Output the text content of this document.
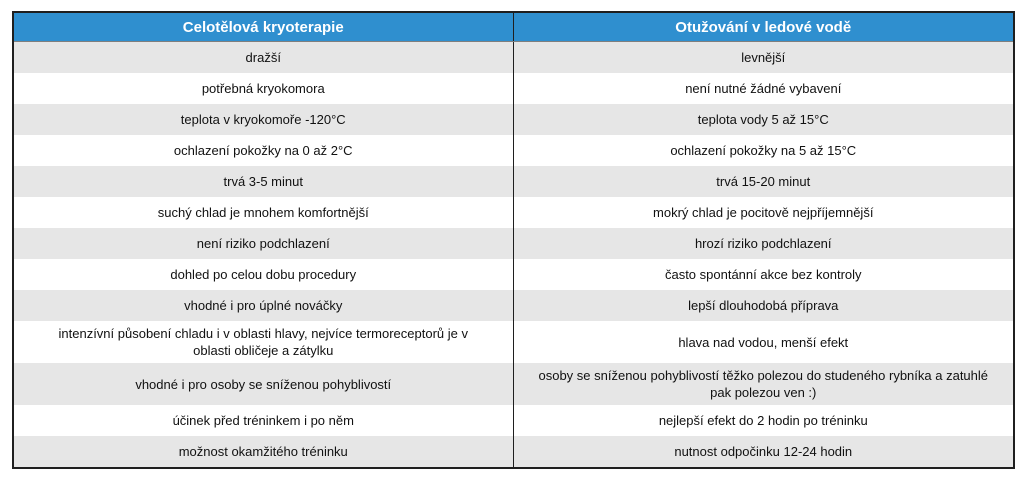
Celotělová kryoterapie	Otužování v ledové vodě
dražší	levnější
potřebná kryokomora	není nutné žádné vybavení
teplota v kryokomoře -120°C	teplota vody 5 až 15°C
ochlazení pokožky na 0 až 2°C	ochlazení pokožky na 5 až 15°C
trvá 3-5 minut	trvá 15-20 minut
suchý chlad je mnohem komfortnější	mokrý chlad je pocitově nejpříjemnější
není riziko podchlazení	hrozí riziko podchlazení
dohled po celou dobu procedury	často spontánní akce bez kontroly
vhodné i pro úplné nováčky	lepší dlouhodobá příprava
intenzívní působení chladu i v oblasti hlavy, nejvíce termoreceptorů je v oblasti obličeje a zátylku	hlava nad vodou, menší efekt
vhodné i pro osoby se sníženou pohyblivostí	osoby se sníženou pohyblivostí těžko polezou do studeného rybníka a zatuhlé pak polezou ven :)
účinek před tréninkem i po něm	nejlepší efekt do 2 hodin po tréninku
možnost okamžitého tréninku	nutnost odpočinku 12-24 hodin
